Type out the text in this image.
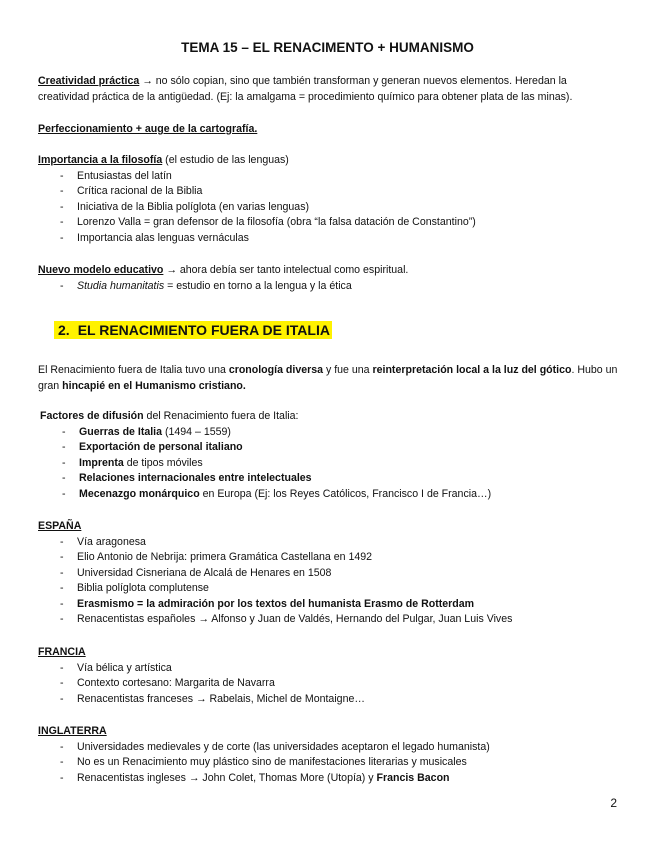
TEMA 15 – EL RENACIMENTO + HUMANISMO
Creatividad práctica → no sólo copian, sino que también transforman y generan nuevos elementos. Heredan la creatividad práctica de la antigüedad. (Ej: la amalgama = procedimiento químico para obtener plata de las minas).
Perfeccionamiento + auge de la cartografía.
Importancia a la filosofía (el estudio de las lenguas)
- Entusiastas del latín
- Crítica racional de la Biblia
- Iniciativa de la Biblia políglota (en varias lenguas)
- Lorenzo Valla = gran defensor de la filosofía (obra “la falsa datación de Constantino”)
- Importancia alas lenguas vernáculas
Nuevo modelo educativo → ahora debía ser tanto intelectual como espiritual.
- Studia humanitatis = estudio en torno a la lengua y la ética
2. EL RENACIMIENTO FUERA DE ITALIA
El Renacimiento fuera de Italia tuvo una cronología diversa y fue una reinterpretación local a la luz del gótico. Hubo un gran hincapié en el Humanismo cristiano.
Factores de difusión del Renacimiento fuera de Italia:
- Guerras de Italia (1494 – 1559)
- Exportación de personal italiano
- Imprenta de tipos móviles
- Relaciones internacionales entre intelectuales
- Mecenazgo monárquico en Europa (Ej: los Reyes Católicos, Francisco I de Francia…)
ESPAÑA
- Vía aragonesa
- Elio Antonio de Nebrija: primera Gramática Castellana en 1492
- Universidad Cisneriana de Alcalá de Henares en 1508
- Biblia políglota complutense
- Erasmismo = la admiración por los textos del humanista Erasmo de Rotterdam
- Renacentistas españoles → Alfonso y Juan de Valdés, Hernando del Pulgar, Juan Luis Vives
FRANCIA
- Vía bélica y artística
- Contexto cortesano: Margarita de Navarra
- Renacentistas franceses → Rabelais, Michel de Montaigne…
INGLATERRA
- Universidades medievales y de corte (las universidades aceptaron el legado humanista)
- No es un Renacimiento muy plástico sino de manifestaciones literarias y musicales
- Renacentistas ingleses → John Colet, Thomas More (Utopía) y Francis Bacon
2
